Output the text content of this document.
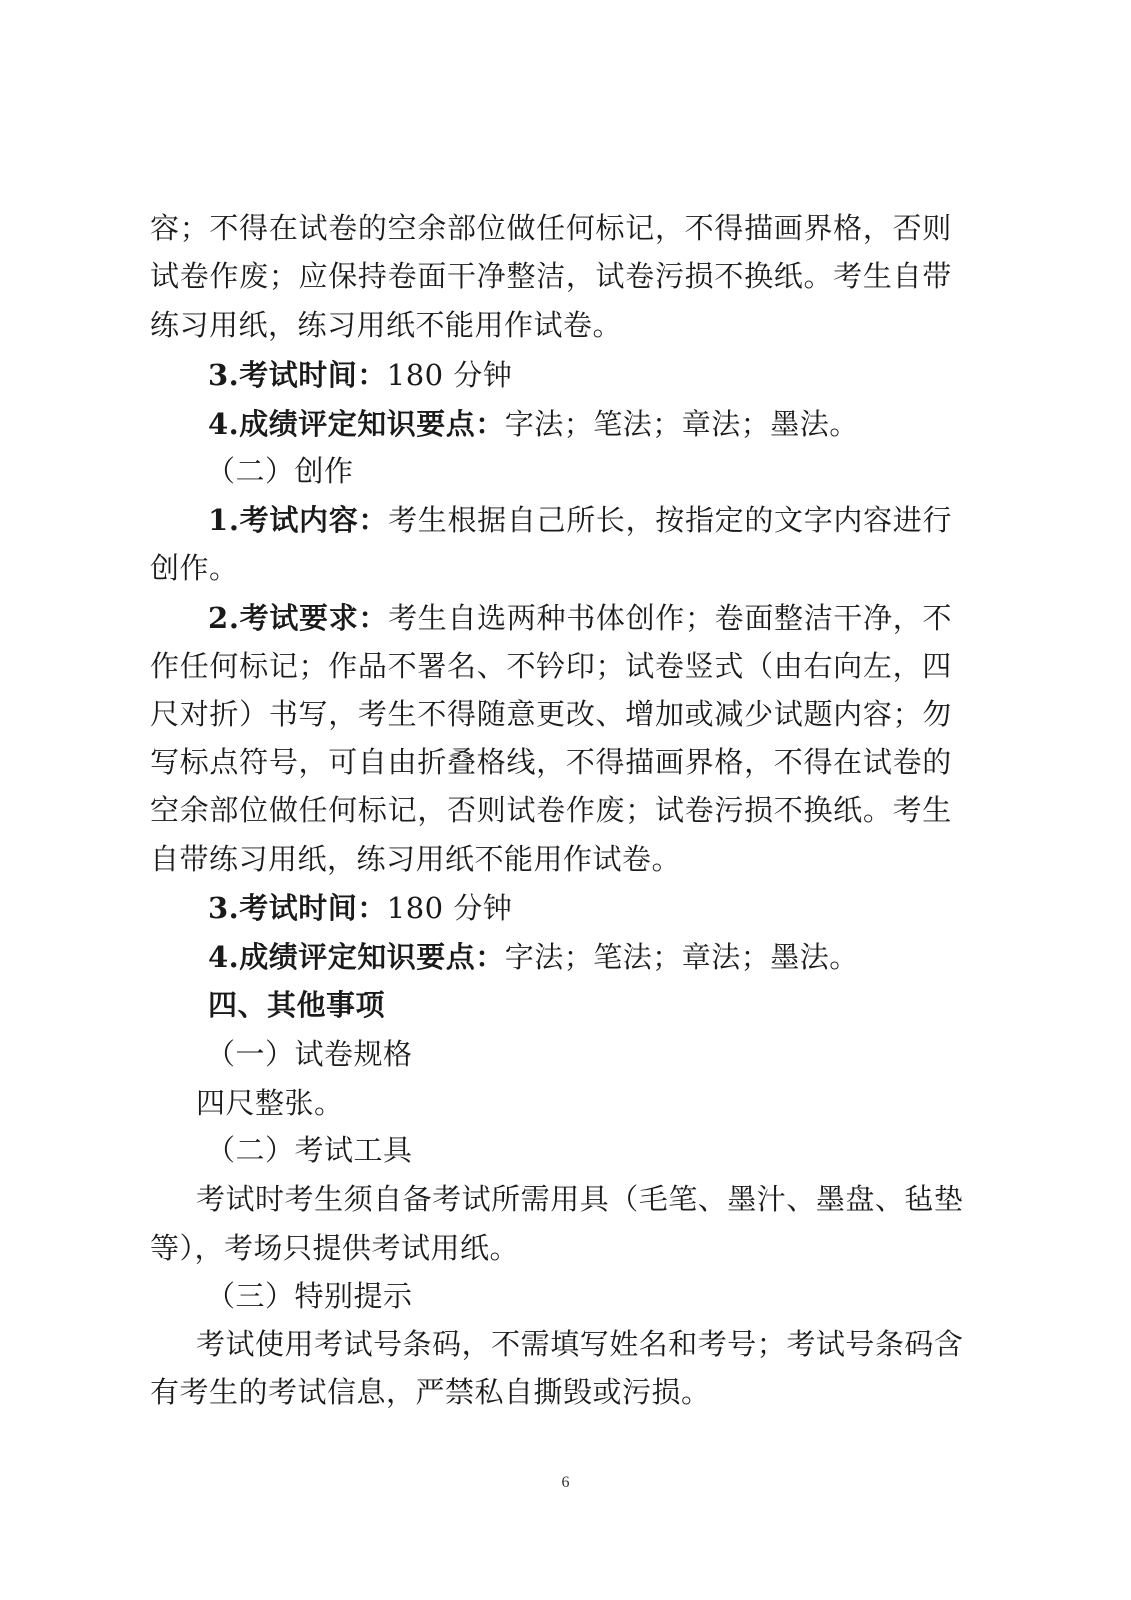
容 ； 不 得 在 试 卷 的 空 余 部 位 做 任 何 标 记 ， 不 得 描 画 界 格 ， 否 则
试 卷 作 废 ； 应 保 持 卷 面 干 净 整 洁 ， 试 卷 污 损 不 换 纸 。 考 生 自 带
练习用纸，练习用纸不能用作试卷。
3.考试时间：180 分钟
4.成绩评定知识要点：字法；笔法；章法；墨法。
（二）创作
1 . 考 试 内 容 ： 考 生 根 据 自 己 所 长 ， 按 指 定 的 文 字 内 容 进 行
创作。
2 . 考 试 要 求 ： 考 生 自 选 两 种 书 体 创 作 ； 卷 面 整 洁 干 净 ， 不
作 任 何 标 记 ； 作 品 不 署 名 、 不 钤 印 ； 试 卷 竖 式 （ 由 右 向 左 ， 四
尺 对 折 ） 书 写 ， 考 生 不 得 随 意 更 改 、 增 加 或 减 少 试 题 内 容 ； 勿
写 标 点 符 号 ， 可 自 由 折 叠 格 线 ， 不 得 描 画 界 格 ， 不 得 在 试 卷 的
空 余 部 位 做 任 何 标 记 ， 否 则 试 卷 作 废 ； 试 卷 污 损 不 换 纸 。 考 生
自带练习用纸，练习用纸不能用作试卷。
3.考试时间：180 分钟
4.成绩评定知识要点：字法；笔法；章法；墨法。
四、其他事项
（一）试卷规格
四尺整张。
（二）考试工具
考 试 时 考 生 须 自 备 考 试 所 需 用 具 （ 毛 笔 、 墨 汁 、 墨 盘 、 毡 垫
等），考场只提供考试用纸。
（三）特别提示
考 试 使 用 考 试 号 条 码 ， 不 需 填 写 姓 名 和 考 号 ； 考 试 号 条 码 含
有考生的考试信息，严禁私自撕毁或污损。
6
